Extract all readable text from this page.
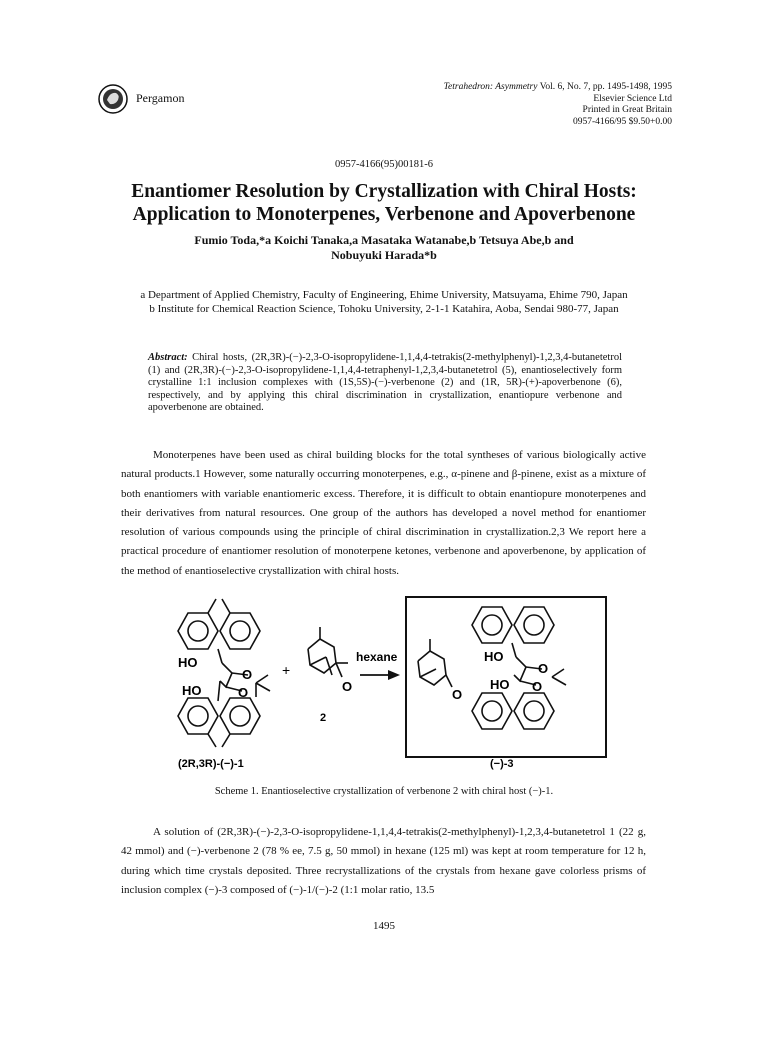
Pergamon
Tetrahedron: Asymmetry Vol. 6, No. 7, pp. 1495-1498, 1995
Elsevier Science Ltd
Printed in Great Britain
0957-4166/95 $9.50+0.00
0957-4166(95)00181-6
Enantiomer Resolution by Crystallization with Chiral Hosts:
Application to Monoterpenes, Verbenone and Apoverbenone
Fumio Toda,*a Koichi Tanaka,a Masataka Watanabe,b Tetsuya Abe,b and
Nobuyuki Harada*b
a Department of Applied Chemistry, Faculty of Engineering, Ehime University, Matsuyama, Ehime 790, Japan
b Institute for Chemical Reaction Science, Tohoku University, 2-1-1 Katahira, Aoba, Sendai 980-77, Japan
Abstract: Chiral hosts, (2R,3R)-(−)-2,3-O-isopropylidene-1,1,4,4-tetrakis(2-methylphenyl)-1,2,3,4-butanetetrol (1) and (2R,3R)-(−)-2,3-O-isopropylidene-1,1,4,4-tetraphenyl-1,2,3,4-butanetetrol (5), enantioselectively form crystalline 1:1 inclusion complexes with (1S,5S)-(−)-verbenone (2) and (1R, 5R)-(+)-apoverbenone (6), respectively, and by applying this chiral discrimination in crystallization, enantiopure verbenone and apoverbenone are obtained.
Monoterpenes have been used as chiral building blocks for the total syntheses of various biologically active natural products.1 However, some naturally occurring monoterpenes, e.g., α-pinene and β-pinene, exist as a mixture of both enantiomers with variable enantiomeric excess. Therefore, it is difficult to obtain enantiopure monoterpenes and their derivatives from natural resources. One group of the authors has developed a novel method for enantiomer resolution of various compounds using the principle of chiral discrimination in crystallization.2,3 We report here a practical procedure of enantiomer resolution of monoterpene ketones, verbenone and apoverbenone, by application of the method of enantioselective crystallization with chiral hosts.
HO
HO
O
O
+
O
2
hexane	HO
HO
O
O
O
(2R,3R)-(−)-1	(−)-3
Scheme 1. Enantioselective crystallization of verbenone 2 with chiral host (−)-1.
A solution of (2R,3R)-(−)-2,3-O-isopropylidene-1,1,4,4-tetrakis(2-methylphenyl)-1,2,3,4-butanetetrol 1 (22 g, 42 mmol) and (−)-verbenone 2 (78 % ee, 7.5 g, 50 mmol) in hexane (125 ml) was kept at room temperature for 12 h, during which time crystals deposited. Three recrystallizations of the crystals from hexane gave colorless prisms of inclusion complex (−)-3 composed of (−)-1/(−)-2 (1:1 molar ratio, 13.5
1495
